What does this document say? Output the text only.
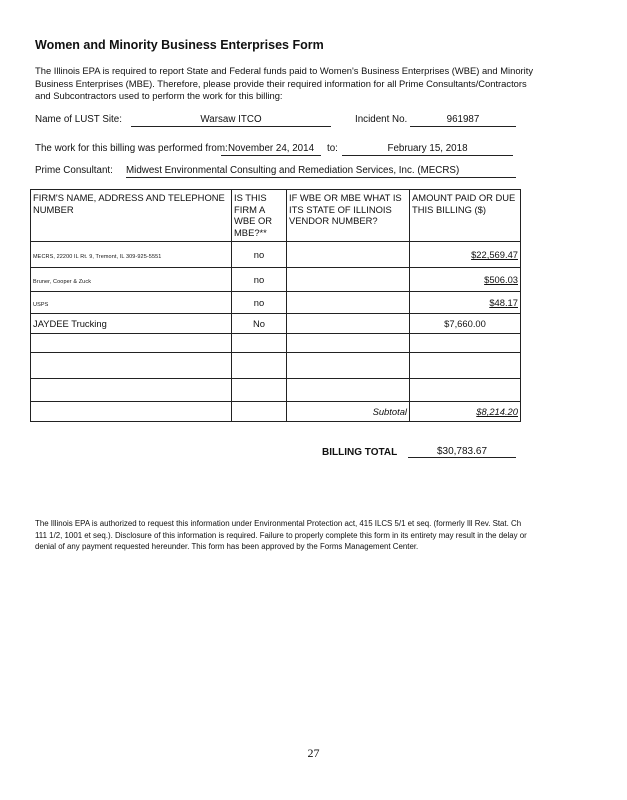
Women and Minority Business Enterprises Form
The Illinois EPA is required to report State and Federal funds paid to Women's Business Enterprises (WBE) and Minority Business Enterprises (MBE). Therefore, please provide their required information for all Prime Consultants/Contractors and Subcontractors used to perform the work for this billing:
Name of LUST Site:	Warsaw ITCO	Incident No.	961987
The work for this billing was performed from: November 24, 2014	to:	February 15, 2018
Prime Consultant: Midwest Environmental Consulting and Remediation Services, Inc. (MECRS)
FIRM'S NAME, ADDRESS AND TELEPHONE NUMBER	IS THIS FIRM A WBE OR MBE?**	IF WBE OR MBE WHAT IS ITS STATE OF ILLINOIS VENDOR NUMBER?	AMOUNT PAID OR DUE THIS BILLING ($)
MECRS, 22200 IL Rt. 9, Tremont, IL 309-925-5551	no		$22,569.47
Bruner, Cooper & Zuck	no		$506.03
USPS	no		$48.17
JAYDEE Trucking	No		$7,660.00

		Subtotal	$8,214.20
BILLING TOTAL	$30,783.67
The Illinois EPA is authorized to request this information under Environmental Protection act, 415 ILCS 5/1 et seq. (formerly Ill Rev. Stat. Ch 111 1/2, 1001 et seq.). Disclosure of this information is required. Failure to properly complete this form in its entirety may result in the delay or denial of any payment requested hereunder. This form has been approved by the Forms Management Center.
27
